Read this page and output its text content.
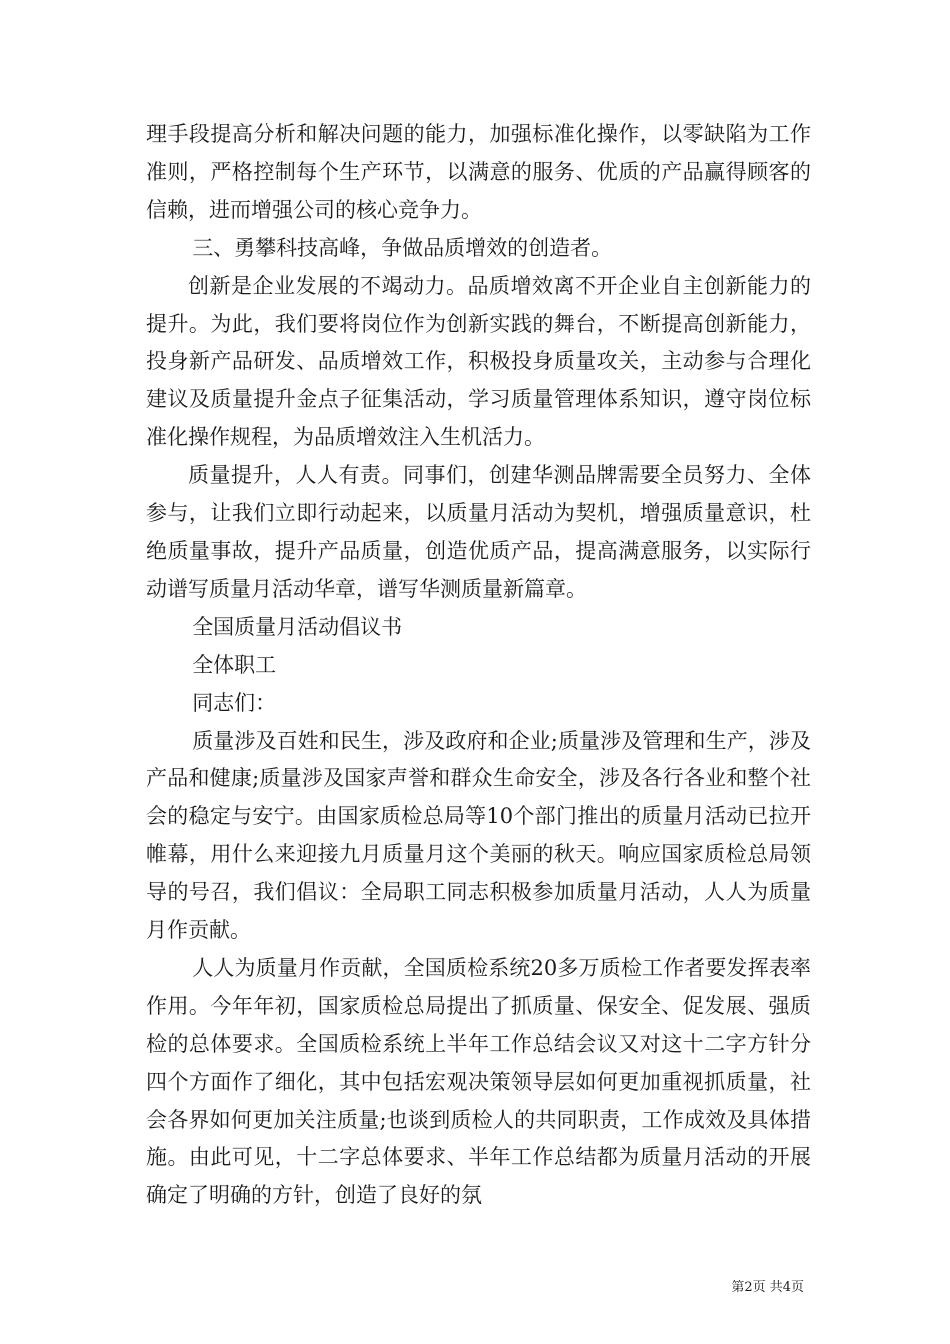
理手段提高分析和解决问题的能力，加强标准化操作，以零缺陷为工作准则，严格控制每个生产环节，以满意的服务、优质的产品赢得顾客的信赖，进而增强公司的核心竞争力。

三、勇攀科技高峰，争做品质增效的创造者。

创新是企业发展的不竭动力。品质增效离不开企业自主创新能力的提升。为此，我们要将岗位作为创新实践的舞台，不断提高创新能力，投身新产品研发、品质增效工作，积极投身质量攻关，主动参与合理化建议及质量提升金点子征集活动，学习质量管理体系知识，遵守岗位标准化操作规程，为品质增效注入生机活力。

质量提升，人人有责。同事们，创建华测品牌需要全员努力、全体参与，让我们立即行动起来，以质量月活动为契机，增强质量意识，杜绝质量事故，提升产品质量，创造优质产品，提高满意服务，以实际行动谱写质量月活动华章，谱写华测质量新篇章。

全国质量月活动倡议书

全体职工

同志们：

质量涉及百姓和民生，涉及政府和企业;质量涉及管理和生产，涉及产品和健康;质量涉及国家声誉和群众生命安全，涉及各行各业和整个社会的稳定与安宁。由国家质检总局等10个部门推出的质量月活动已拉开帷幕，用什么来迎接九月质量月这个美丽的秋天。响应国家质检总局领导的号召，我们倡议：全局职工同志积极参加质量月活动，人人为质量月作贡献。

人人为质量月作贡献，全国质检系统20多万质检工作者要发挥表率作用。今年年初，国家质检总局提出了抓质量、保安全、促发展、强质检的总体要求。全国质检系统上半年工作总结会议又对这十二字方针分四个方面作了细化，其中包括宏观决策领导层如何更加重视抓质量，社会各界如何更加关注质量;也谈到质检人的共同职责，工作成效及具体措施。由此可见，十二字总体要求、半年工作总结都为质量月活动的开展确定了明确的方针，创造了良好的氛

第2页 共4页
